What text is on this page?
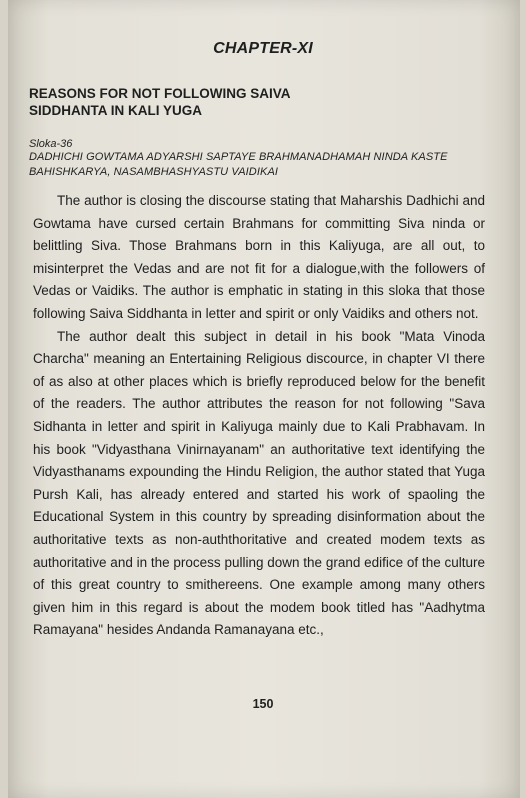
CHAPTER-XI
REASONS FOR NOT FOLLOWING SAIVA SIDDHANTA IN KALI YUGA
Sloka-36
DADHICHI GOWTAMA ADYARSHI SAPTAYE BRAHMANADHAMAH NINDA KASTE BAHISHKARYA, NASAMBHASHYASTU VAIDIKAI

The author is closing the discourse stating that Maharshis Dadhichi and Gowtama have cursed certain Brahmans for committing Siva ninda or belittling Siva. Those Brahmans born in this Kaliyuga, are all out, to misinterpret the Vedas and are not fit for a dialogue,with the followers of Vedas or Vaidiks. The author is emphatic in stating in this sloka that those following Saiva Siddhanta in letter and spirit or only Vaidiks and others not.

The author dealt this subject in detail in his book "Mata Vinoda Charcha" meaning an Entertaining Religious discource, in chapter VI there of as also at other places which is briefly reproduced below for the benefit of the readers. The author attributes the reason for not following "Sava Sidhanta in letter and spirit in Kaliyuga mainly due to Kali Prabhavam. In his book "Vidyasthana Vinirnayanam" an authoritative text identifying the Vidyasthanams expounding the Hindu Religion, the author stated that Yuga Pursh Kali, has already entered and started his work of spaoling the Educational System in this country by spreading disinformation about the authoritative texts as non-auththoritative and created modem texts as authoritative and in the process pulling down the grand edifice of the culture of this great country to smithereens. One example among many others given him in this regard is about the modem book titled has "Aadhytma Ramayana" hesides Andanda Ramanayana etc.,

150
